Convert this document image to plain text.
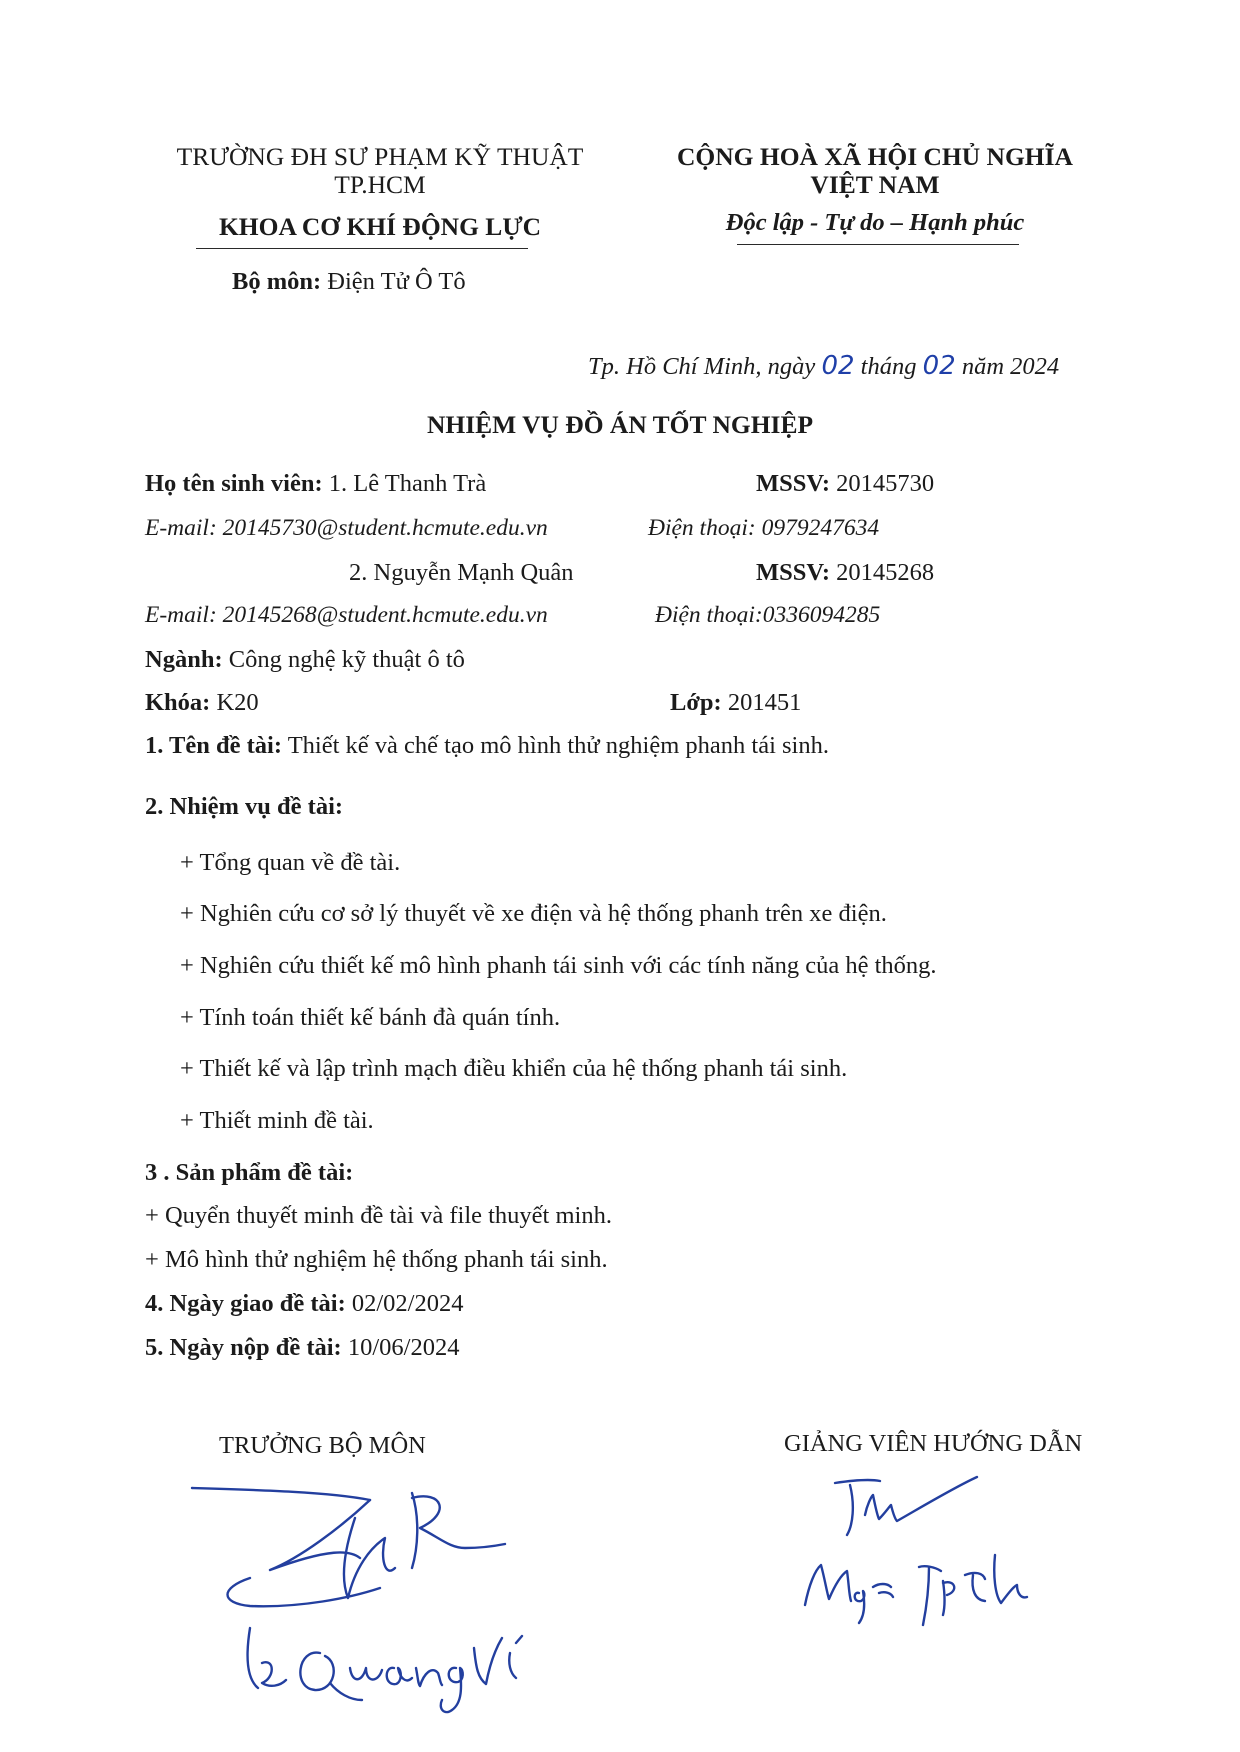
TRƯỜNG ĐH SƯ PHẠM KỸ THUẬT
TP.HCM
KHOA CƠ KHÍ ĐỘNG LỰC
Bộ môn: Điện Tử Ô Tô
CỘNG HOÀ XÃ HỘI CHỦ NGHĨA
VIỆT NAM
Độc lập - Tự do – Hạnh phúc
Tp. Hồ Chí Minh, ngày 02 tháng 02 năm 2024
NHIỆM VỤ ĐỒ ÁN TỐT NGHIỆP
Họ tên sinh viên: 1. Lê Thanh Trà	MSSV: 20145730
E-mail: 20145730@student.hcmute.edu.vn	Điện thoại: 0979247634
2. Nguyễn Mạnh Quân	MSSV: 20145268
E-mail: 20145268@student.hcmute.edu.vn	Điện thoại:0336094285
Ngành: Công nghệ kỹ thuật ô tô
Khóa: K20	Lớp: 201451
1. Tên đề tài: Thiết kế và chế tạo mô hình thử nghiệm phanh tái sinh.
2. Nhiệm vụ đề tài:
+ Tổng quan về đề tài.
+ Nghiên cứu cơ sở lý thuyết về xe điện và hệ thống phanh trên xe điện.
+ Nghiên cứu thiết kế mô hình phanh tái sinh với các tính năng của hệ thống.
+ Tính toán thiết kế bánh đà quán tính.
+ Thiết kế và lập trình mạch điều khiển của hệ thống phanh tái sinh.
+ Thiết minh đề tài.
3 . Sản phẩm đề tài:
+ Quyển thuyết minh đề tài và file thuyết minh.
+ Mô hình thử nghiệm hệ thống phanh tái sinh.
4. Ngày giao đề tài: 02/02/2024
5. Ngày nộp đề tài: 10/06/2024
TRƯỞNG BỘ MÔN	GIẢNG VIÊN HƯỚNG DẪN
